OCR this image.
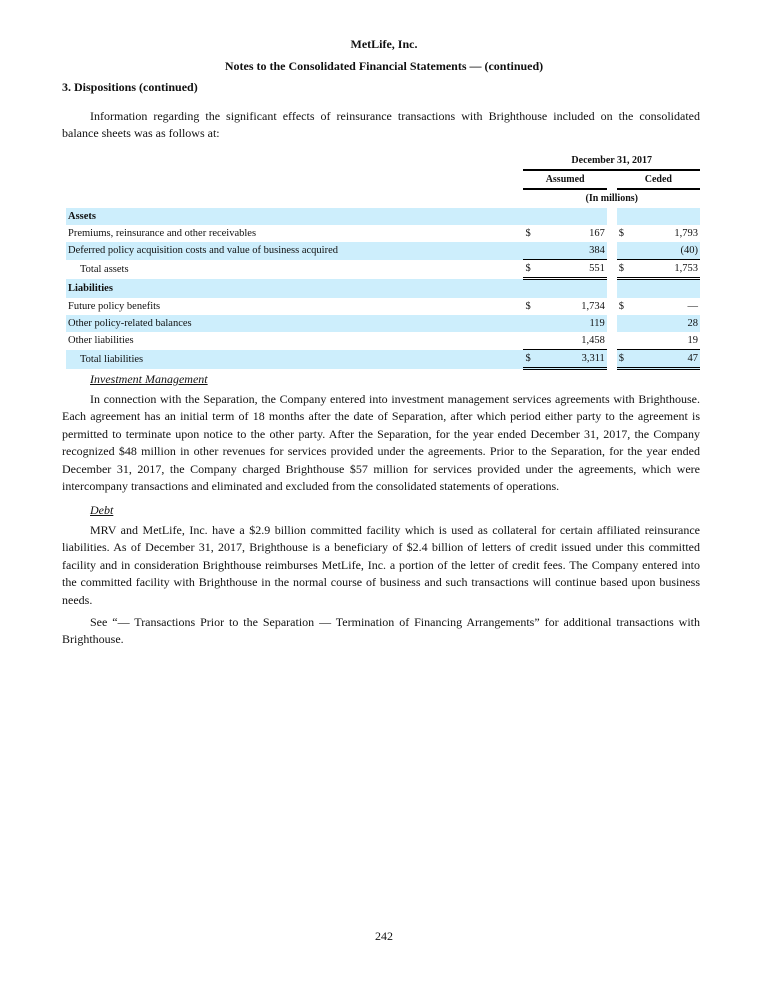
MetLife, Inc.
Notes to the Consolidated Financial Statements — (continued)
3. Dispositions (continued)

Information regarding the significant effects of reinsurance transactions with Brighthouse included on the consolidated balance sheets was as follows at:

	December 31, 2017				
	Assumed			Ceded	
	(In millions)				
Assets					
Premiums, reinsurance and other receivables	$	167		$	1,793
Deferred policy acquisition costs and value of business acquired		384			(40)
Total assets	$	551		$	1,753
Liabilities					
Future policy benefits	$	1,734		$	—
Other policy-related balances		119			28
Other liabilities		1,458			19
Total liabilities	$	3,311		$	47
Investment Management

In connection with the Separation, the Company entered into investment management services agreements with Brighthouse. Each agreement has an initial term of 18 months after the date of Separation, after which period either party to the agreement is permitted to terminate upon notice to the other party. After the Separation, for the year ended December 31, 2017, the Company recognized $48 million in other revenues for services provided under the agreements. Prior to the Separation, for the year ended December 31, 2017, the Company charged Brighthouse $57 million for services provided under the agreements, which were intercompany transactions and eliminated and excluded from the consolidated statements of operations.

Debt

MRV and MetLife, Inc. have a $2.9 billion committed facility which is used as collateral for certain affiliated reinsurance liabilities. As of December 31, 2017, Brighthouse is a beneficiary of $2.4 billion of letters of credit issued under this committed facility and in consideration Brighthouse reimburses MetLife, Inc. a portion of the letter of credit fees. The Company entered into the committed facility with Brighthouse in the normal course of business and such transactions will continue based upon business needs.

See “— Transactions Prior to the Separation — Termination of Financing Arrangements” for additional transactions with Brighthouse.

242
